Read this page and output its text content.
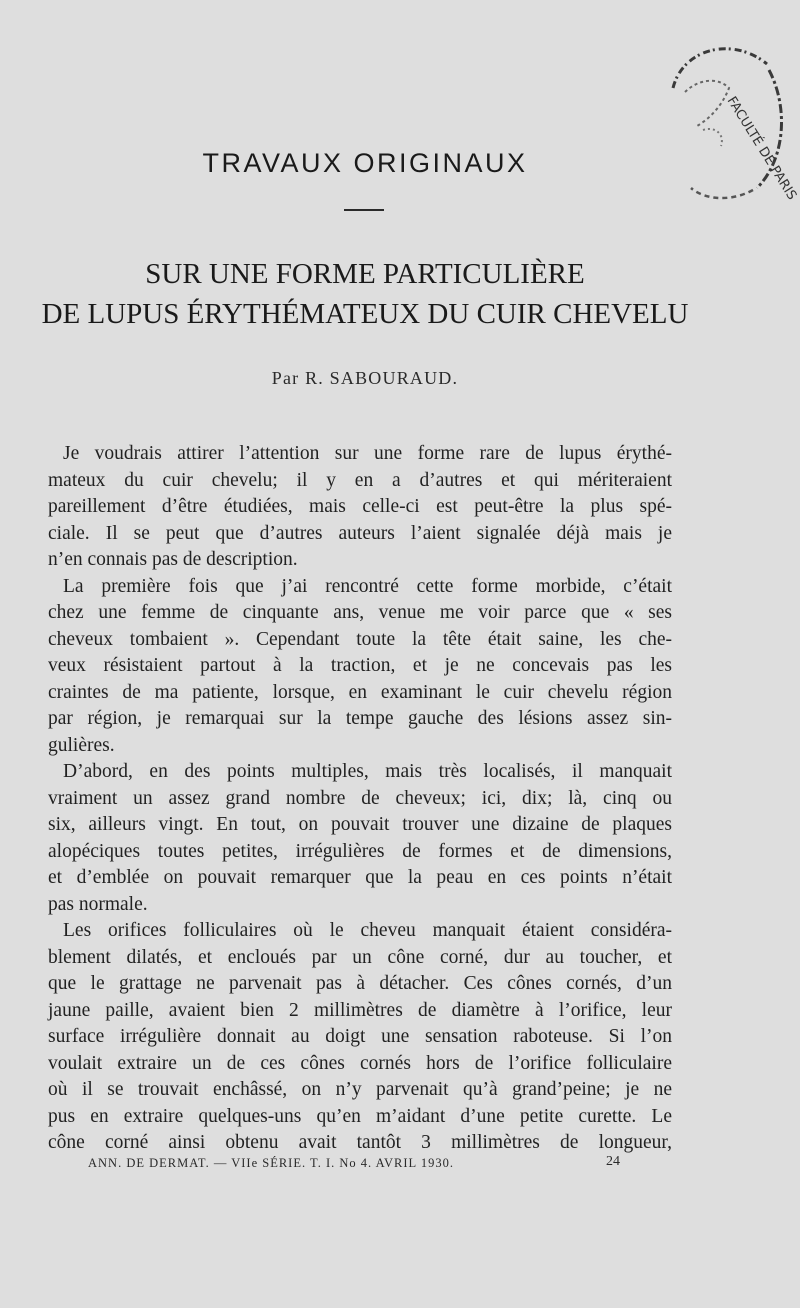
FACULTÉ DE PARIS
TRAVAUX ORIGINAUX
SUR UNE FORME PARTICULIÈRE
DE LUPUS ÉRYTHÉMATEUX DU CUIR CHEVELU
Par R. SABOURAUD.
Je voudrais attirer l’attention sur une forme rare de lupus érythé-
mateux du cuir chevelu; il y en a d’autres et qui mériteraient
pareillement d’être étudiées, mais celle-ci est peut-être la plus spé-
ciale. Il se peut que d’autres auteurs l’aient signalée déjà mais je
n’en connais pas de description.
La première fois que j’ai rencontré cette forme morbide, c’était
chez une femme de cinquante ans, venue me voir parce que « ses
cheveux tombaient ». Cependant toute la tête était saine, les che-
veux résistaient partout à la traction, et je ne concevais pas les
craintes de ma patiente, lorsque, en examinant le cuir chevelu région
par région, je remarquai sur la tempe gauche des lésions assez sin-
gulières.
D’abord, en des points multiples, mais très localisés, il manquait
vraiment un assez grand nombre de cheveux; ici, dix; là, cinq ou
six, ailleurs vingt. En tout, on pouvait trouver une dizaine de plaques
alopéciques toutes petites, irrégulières de formes et de dimensions,
et d’emblée on pouvait remarquer que la peau en ces points n’était
pas normale.
Les orifices folliculaires où le cheveu manquait étaient considéra-
blement dilatés, et encloués par un cône corné, dur au toucher, et
que le grattage ne parvenait pas à détacher. Ces cônes cornés, d’un
jaune paille, avaient bien 2 millimètres de diamètre à l’orifice, leur
surface irrégulière donnait au doigt une sensation raboteuse. Si l’on
voulait extraire un de ces cônes cornés hors de l’orifice folliculaire
où il se trouvait enchâssé, on n’y parvenait qu’à grand’peine; je ne
pus en extraire quelques-uns qu’en m’aidant d’une petite curette. Le
cône corné ainsi obtenu avait tantôt 3 millimètres de longueur,
ANN. DE DERMAT. — VIIe SÉRIE. T. I. No 4. AVRIL 1930.	24
